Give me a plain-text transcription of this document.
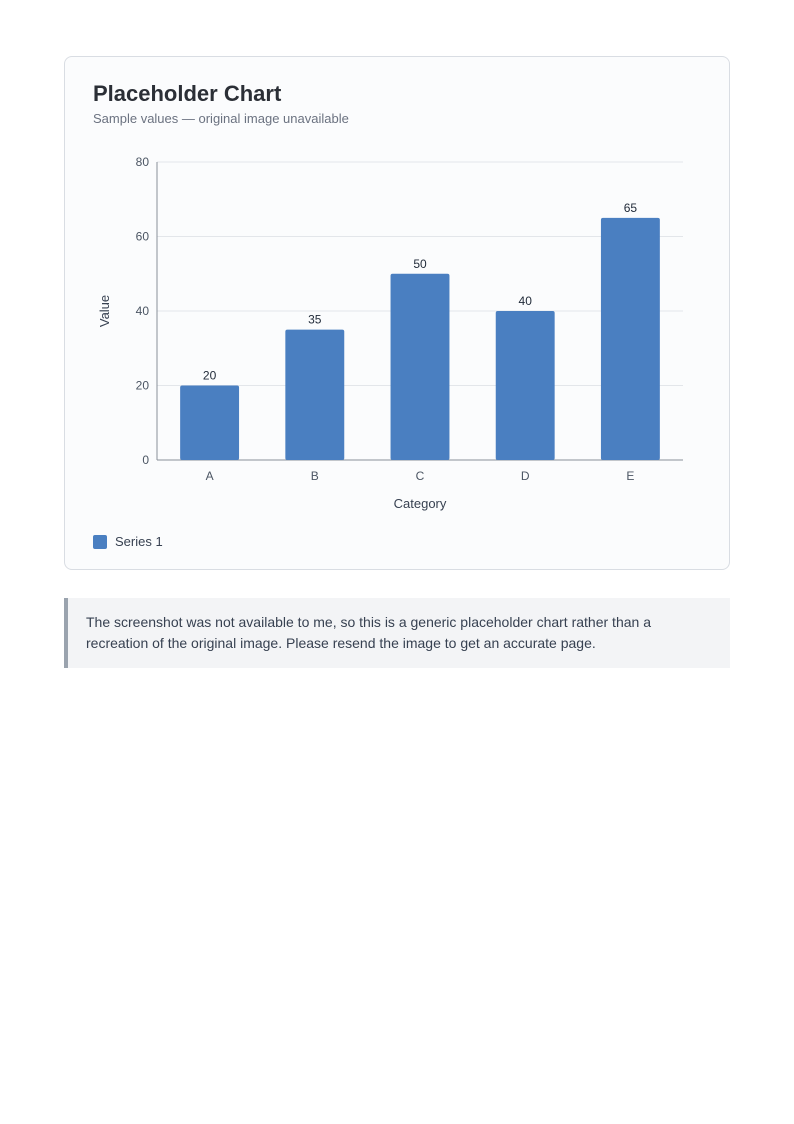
Placeholder Chart

Sample values — original image unavailable

0
20
40
60
80
A	B	C	D	E
20
35
50
40
65
Category
Value
Series 1
The screenshot was not available to me, so this is a generic placeholder chart rather than a recreation of the original image. Please resend the image to get an accurate page.
